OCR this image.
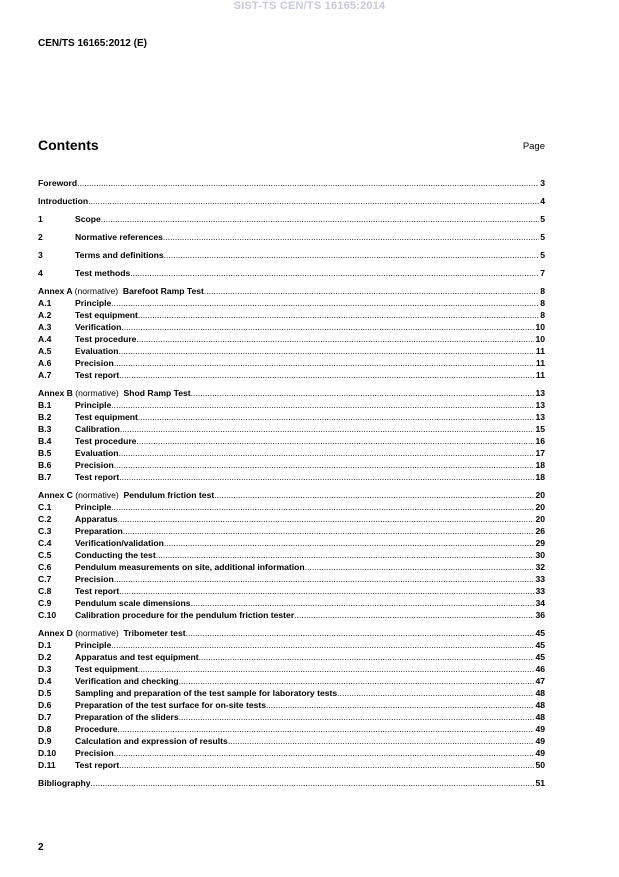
SIST-TS CEN/TS 16165:2014
CEN/TS 16165:2012 (E)
Contents	Page
Foreword .....	3
Introduction .....	4
1	Scope .....	5
2	Normative references .....	5
3	Terms and definitions .....	5
4	Test methods .....	7
Annex A (normative) Barefoot Ramp Test .....	8
A.1	Principle .....	8
A.2	Test equipment .....	8
A.3	Verification .....	10
A.4	Test procedure .....	10
A.5	Evaluation .....	11
A.6	Precision .....	11
A.7	Test report .....	11
Annex B (normative) Shod Ramp Test .....	13
B.1	Principle .....	13
B.2	Test equipment .....	13
B.3	Calibration .....	15
B.4	Test procedure .....	16
B.5	Evaluation .....	17
B.6	Precision .....	18
B.7	Test report .....	18
Annex C (normative) Pendulum friction test .....	20
C.1	Principle .....	20
C.2	Apparatus .....	20
C.3	Preparation .....	26
C.4	Verification/validation .....	29
C.5	Conducting the test .....	30
C.6	Pendulum measurements on site, additional information .....	32
C.7	Precision .....	33
C.8	Test report .....	33
C.9	Pendulum scale dimensions .....	34
C.10	Calibration procedure for the pendulum friction tester .....	36
Annex D (normative) Tribometer test .....	45
D.1	Principle .....	45
D.2	Apparatus and test equipment .....	45
D.3	Test equipment .....	46
D.4	Verification and checking .....	47
D.5	Sampling and preparation of the test sample for laboratory tests .....	48
D.6	Preparation of the test surface for on-site tests .....	48
D.7	Preparation of the sliders .....	48
D.8	Procedure .....	49
D.9	Calculation and expression of results .....	49
D.10	Precision .....	49
D.11	Test report .....	50
Bibliography .....	51
2
